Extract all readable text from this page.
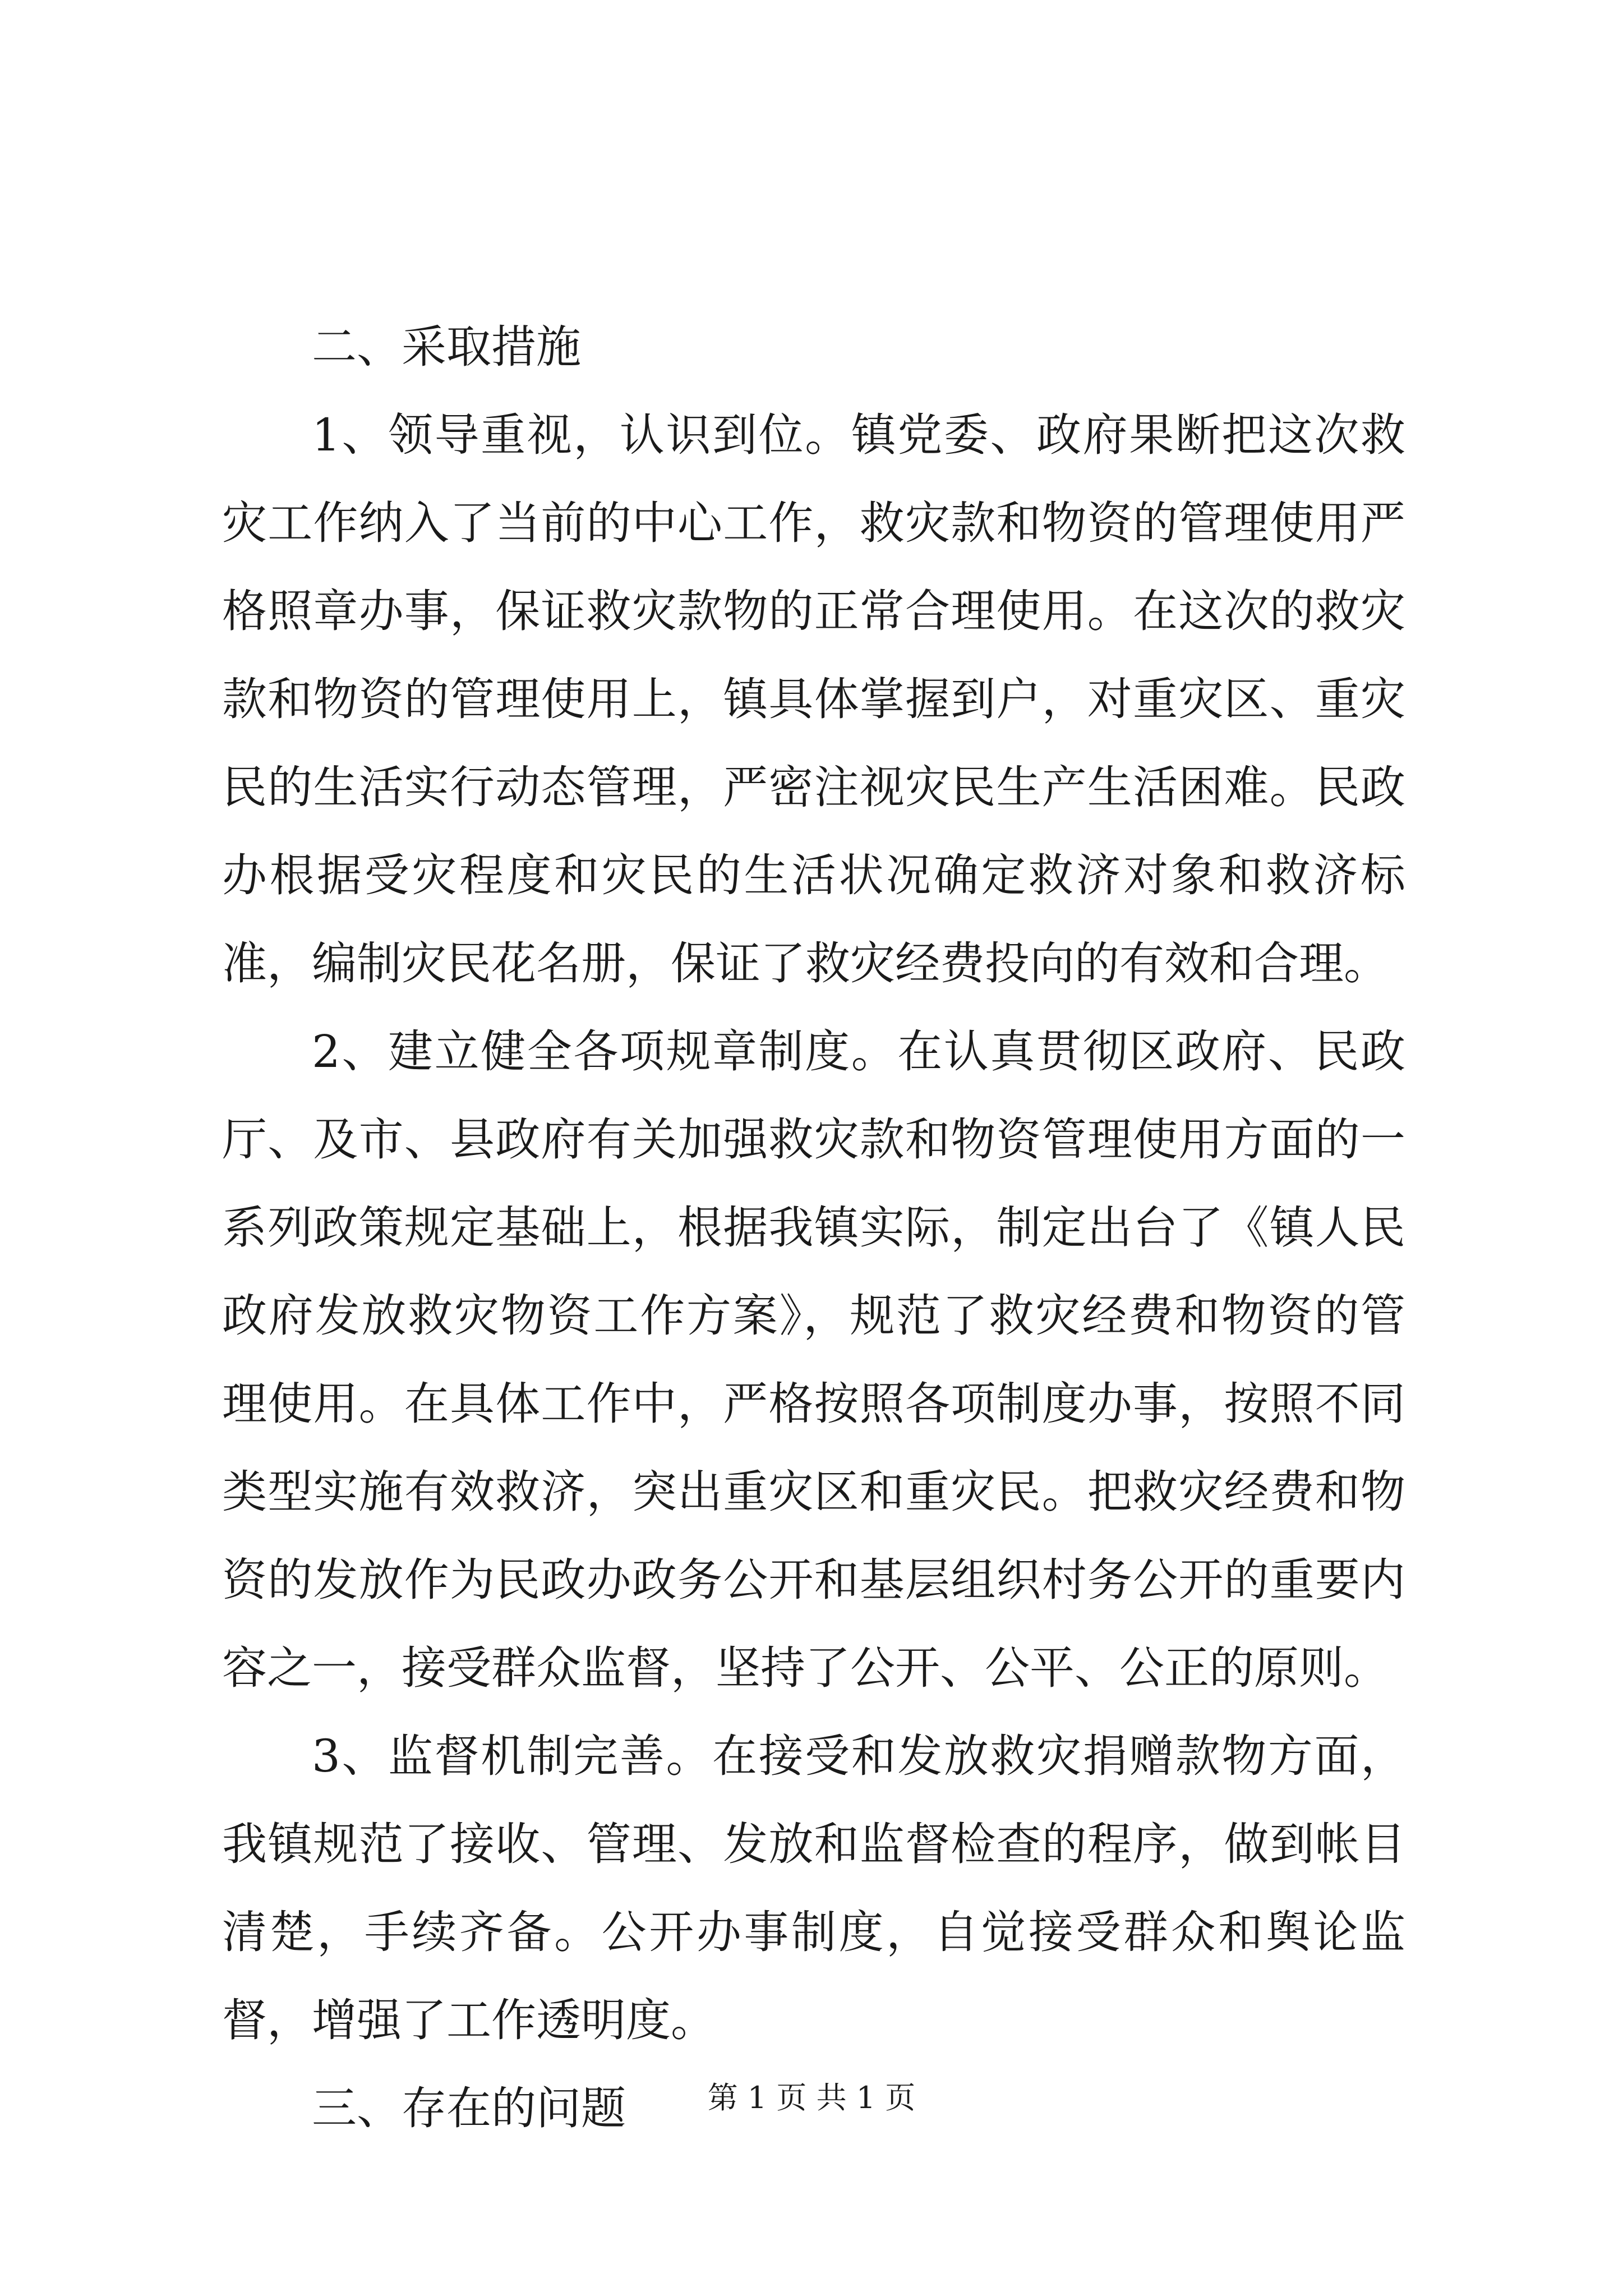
二、采取措施

1、领导重视，认识到位。镇党委、政府果断把这次救灾工作纳入了当前的中心工作，救灾款和物资的管理使用严格照章办事，保证救灾款物的正常合理使用。在这次的救灾款和物资的管理使用上，镇具体掌握到户，对重灾区、重灾民的生活实行动态管理，严密注视灾民生产生活困难。民政办根据受灾程度和灾民的生活状况确定救济对象和救济标准，编制灾民花名册，保证了救灾经费投向的有效和合理。

2、建立健全各项规章制度。在认真贯彻区政府、民政厅、及市、县政府有关加强救灾款和物资管理使用方面的一系列政策规定基础上，根据我镇实际，制定出台了《镇人民政府发放救灾物资工作方案》，规范了救灾经费和物资的管理使用。在具体工作中，严格按照各项制度办事，按照不同类型实施有效救济，突出重灾区和重灾民。把救灾经费和物资的发放作为民政办政务公开和基层组织村务公开的重要内容之一，接受群众监督，坚持了公开、公平、公正的原则。

3、监督机制完善。在接受和发放救灾捐赠款物方面，我镇规范了接收、管理、发放和监督检查的程序，做到帐目清楚，手续齐备。公开办事制度，自觉接受群众和舆论监督，增强了工作透明度。

三、存在的问题	第 1 页 共 1 页
